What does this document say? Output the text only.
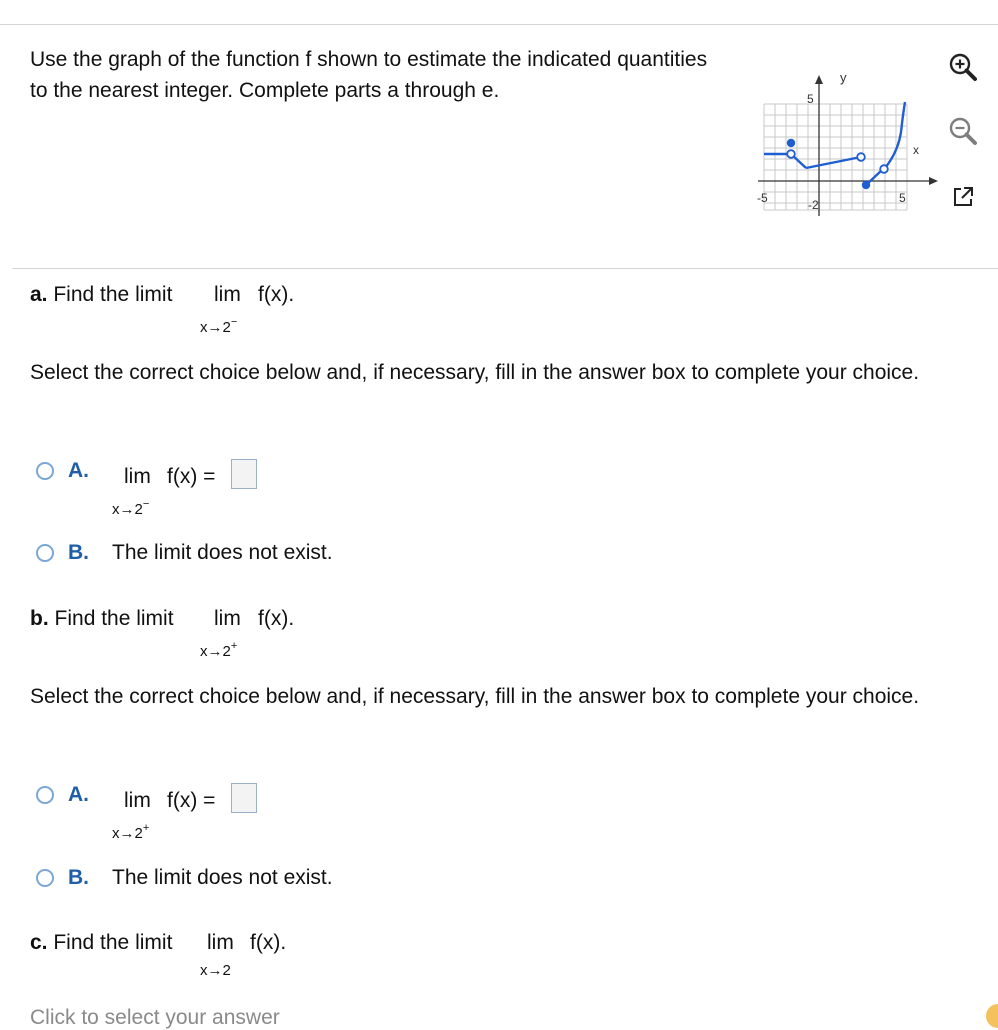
Use the graph of the function f shown to estimate the indicated quantities to the nearest integer. Complete parts a through e.
y
x
5
-5	-2	5
a. Find the limit lim f(x).
x→2−
Select the correct choice below and, if necessary, fill in the answer box to complete your choice.
A.	lim f(x) =
x→2−
B.	The limit does not exist.
b. Find the limit lim f(x).
x→2+
Select the correct choice below and, if necessary, fill in the answer box to complete your choice.
A.	lim f(x) =
x→2+
B.	The limit does not exist.
c. Find the limit lim f(x).
x→2
Click to select your answer
